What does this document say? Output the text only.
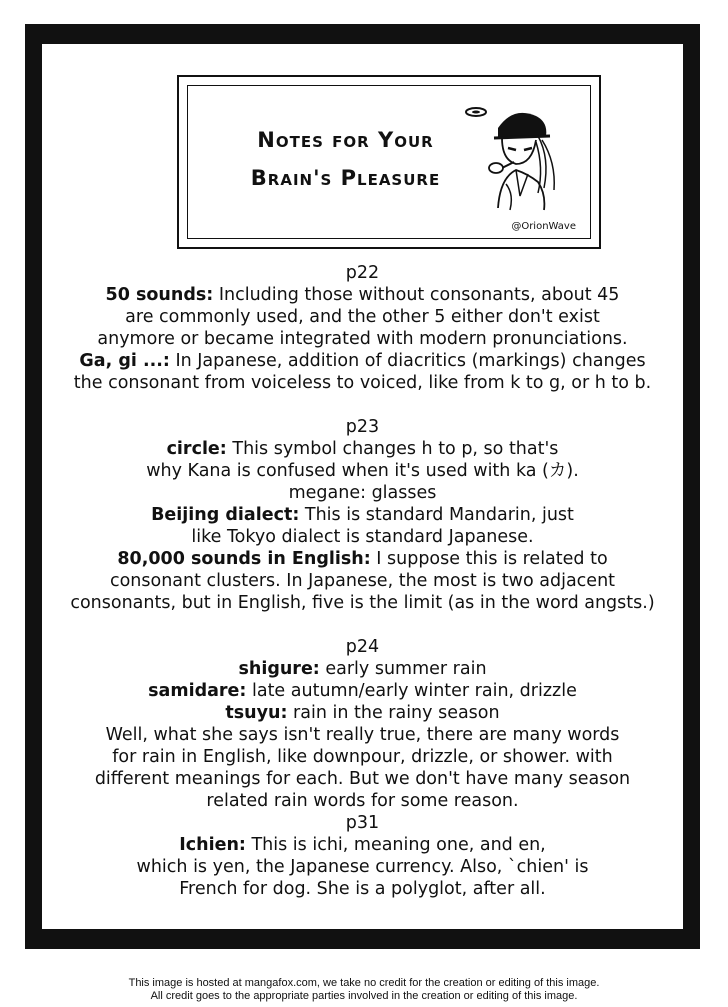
Notes for Your
Brain's Pleasure
@OrionWave

p22

50 sounds: Including those without consonants, about 45

are commonly used, and the other 5 either don't exist

anymore or became integrated with modern pronunciations.

Ga, gi ...: In Japanese, addition of diacritics (markings) changes

the consonant from voiceless to voiced, like from k to g, or h to b.

p23

circle: This symbol changes h to p, so that's

why Kana is confused when it's used with ka (カ).

megane: glasses

Beijing dialect: This is standard Mandarin, just

like Tokyo dialect is standard Japanese.

80,000 sounds in English: I suppose this is related to

consonant clusters. In Japanese, the most is two adjacent

consonants, but in English, five is the limit (as in the word angsts.)

p24

shigure: early summer rain

samidare: late autumn/early winter rain, drizzle

tsuyu: rain in the rainy season

Well, what she says isn't really true, there are many words

for rain in English, like downpour, drizzle, or shower. with

different meanings for each. But we don't have many season

related rain words for some reason.

p31

Ichien: This is ichi, meaning one, and en,

which is yen, the Japanese currency. Also, `chien' is

French for dog. She is a polyglot, after all.

This image is hosted at mangafox.com, we take no credit for the creation or editing of this image.
All credit goes to the appropriate parties involved in the creation or editing of this image.
